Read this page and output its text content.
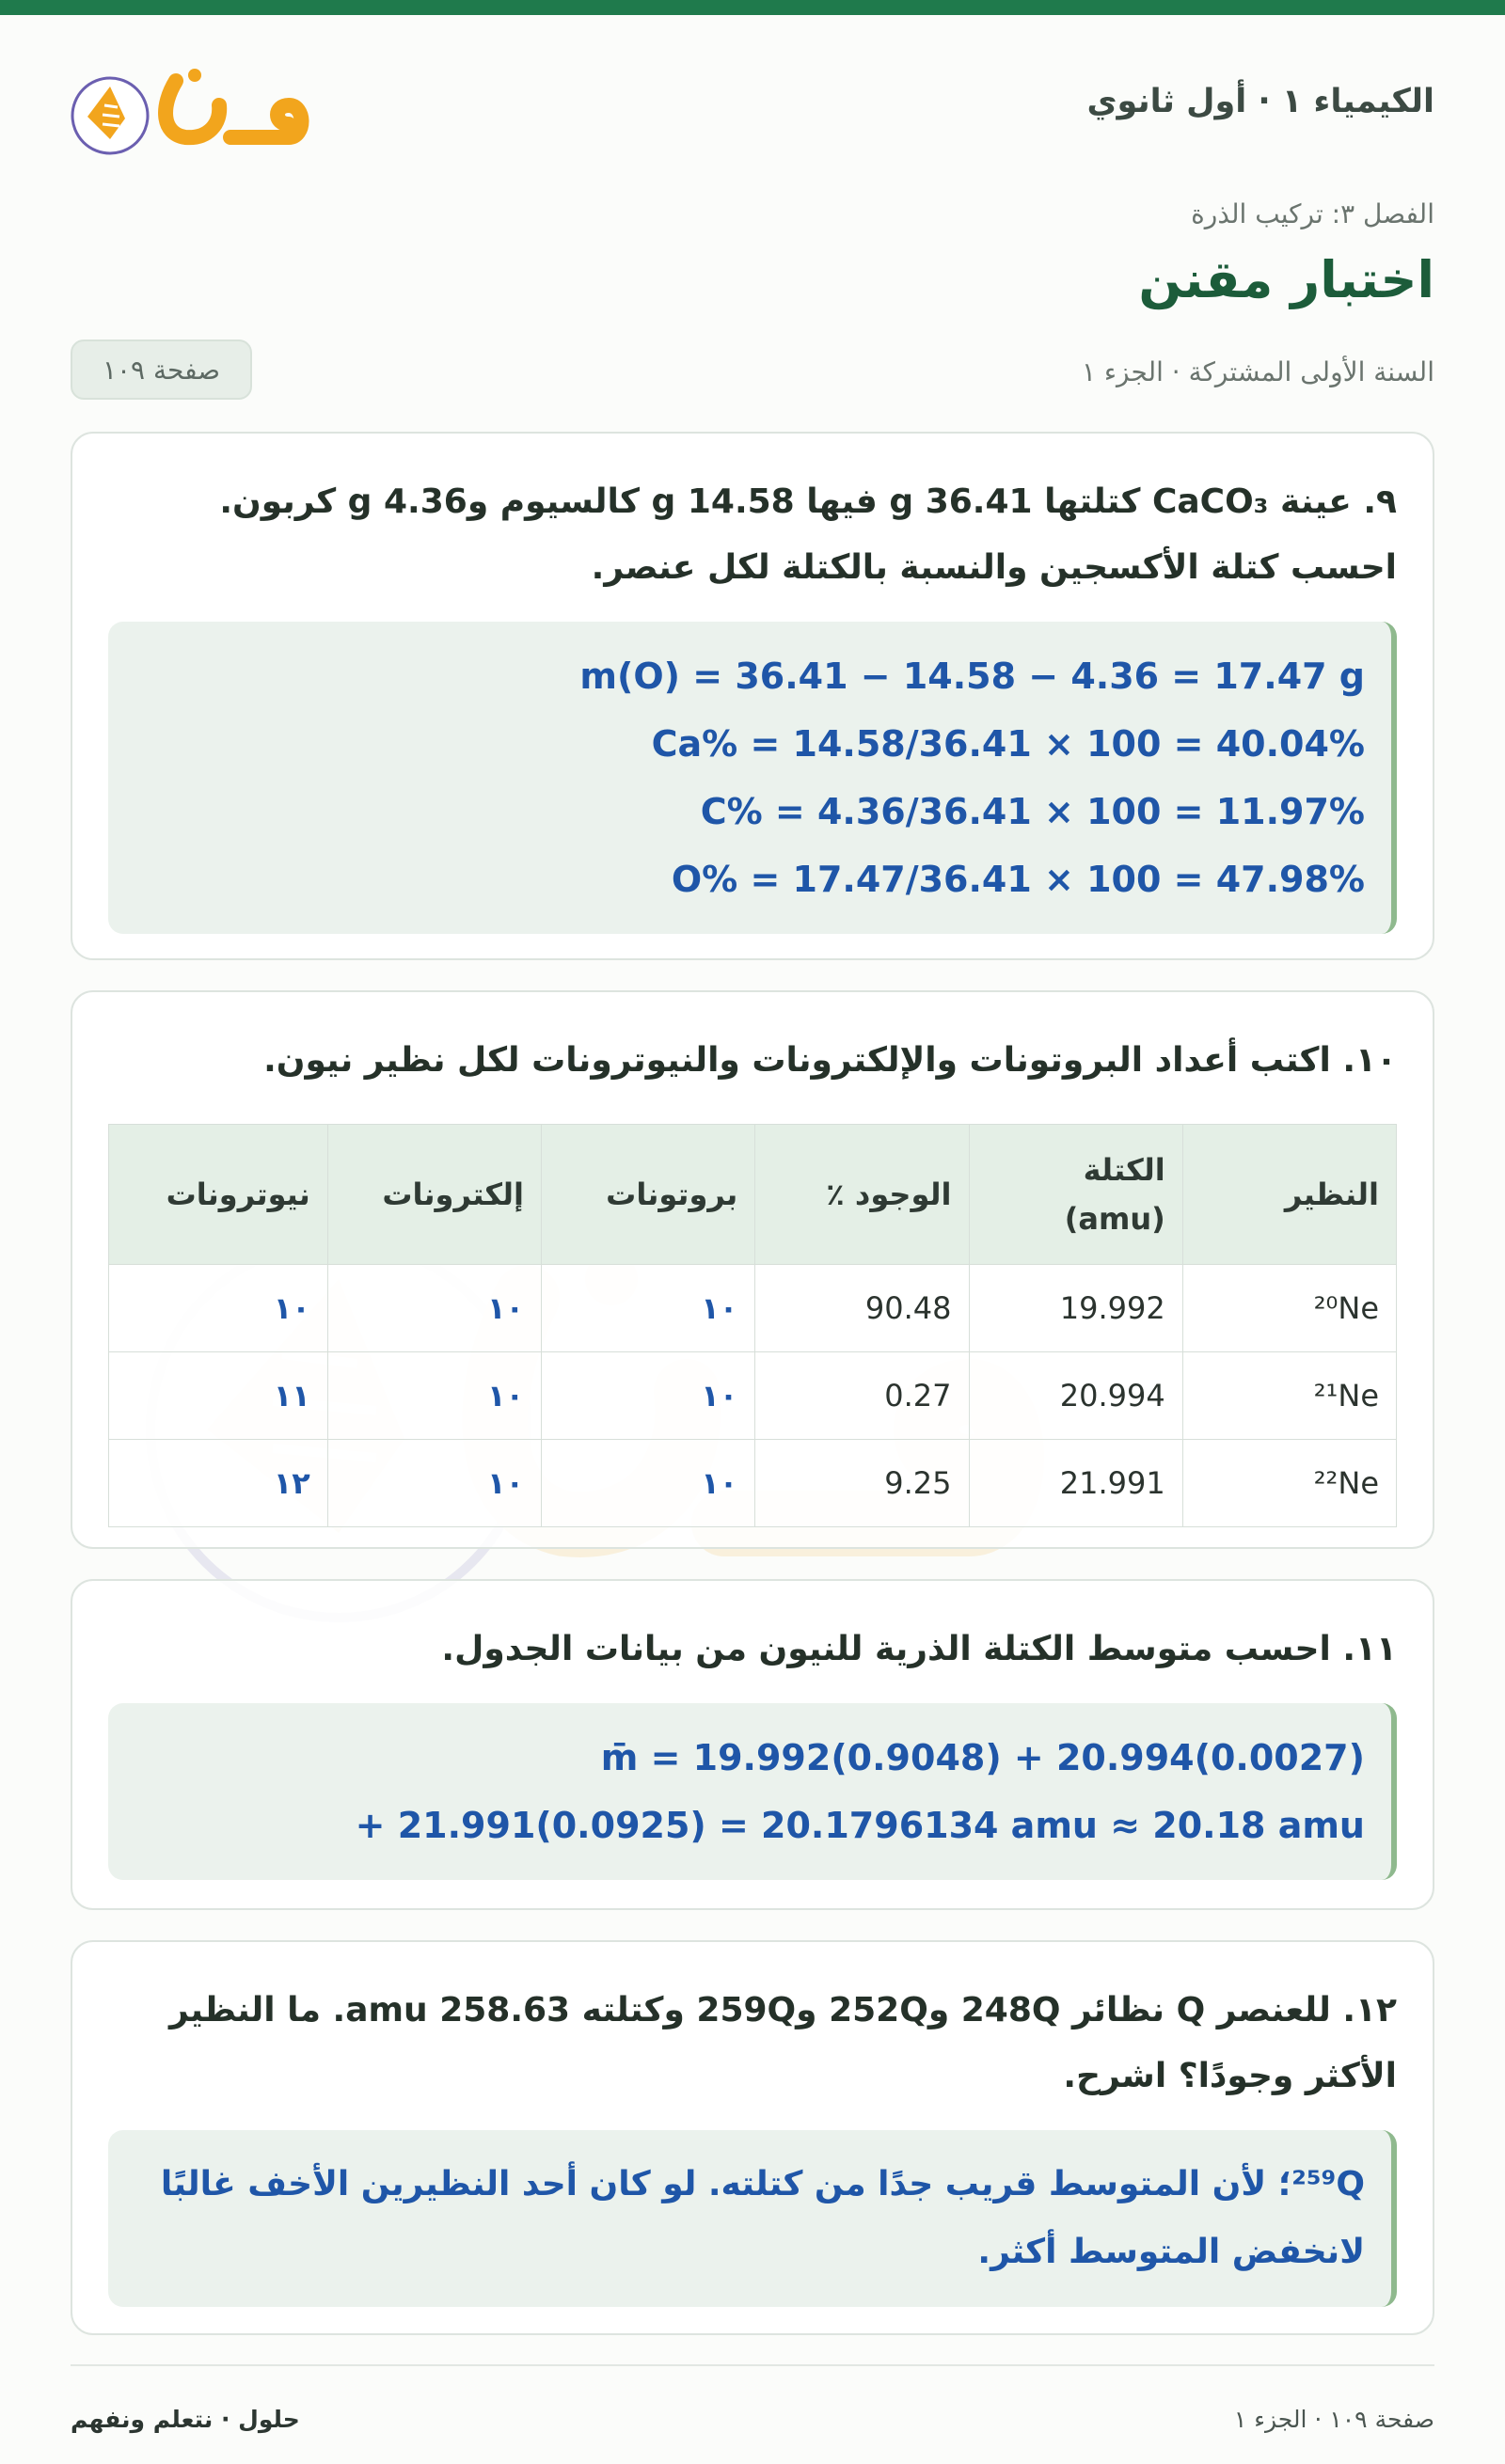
الكيمياء ١ · أول ثانوي
الفصل ٣: تركيب الذرة
اختبار مقنن
السنة الأولى المشتركة · الجزء ١
صفحة ١٠٩
٩. عينة CaCO₃ كتلتها 36.41 g فيها 14.58 g كالسيوم و4.36 g كربون. احسب كتلة الأكسجين والنسبة بالكتلة لكل عنصر.
m(O) = 36.41 − 14.58 − 4.36 = 17.47 g
Ca% = 14.58/36.41 × 100 = 40.04%
C% = 4.36/36.41 × 100 = 11.97%
O% = 17.47/36.41 × 100 = 47.98%
١٠. اكتب أعداد البروتونات والإلكترونات والنيوترونات لكل نظير نيون.
النظير	الكتلة (amu)	الوجود ٪	بروتونات	إلكترونات	نيوترونات
²⁰Ne	19.992	90.48	١٠	١٠	١٠
²¹Ne	20.994	0.27	١٠	١٠	١١
²²Ne	21.991	9.25	١٠	١٠	١٢
١١. احسب متوسط الكتلة الذرية للنيون من بيانات الجدول.
m̄ = 19.992(0.9048) + 20.994(0.0027)
+ 21.991(0.0925) = 20.1796134 amu ≈ 20.18 amu
١٢. للعنصر Q نظائر 248Q و252Q و259Q وكتلته 258.63 amu. ما النظير الأكثر وجودًا؟ اشرح.
²⁵⁹Q؛ لأن المتوسط قريب جدًا من كتلته. لو كان أحد النظيرين الأخف غالبًا لانخفض المتوسط أكثر.
صفحة ١٠٩ · الجزء ١
حلول · نتعلم ونفهم
